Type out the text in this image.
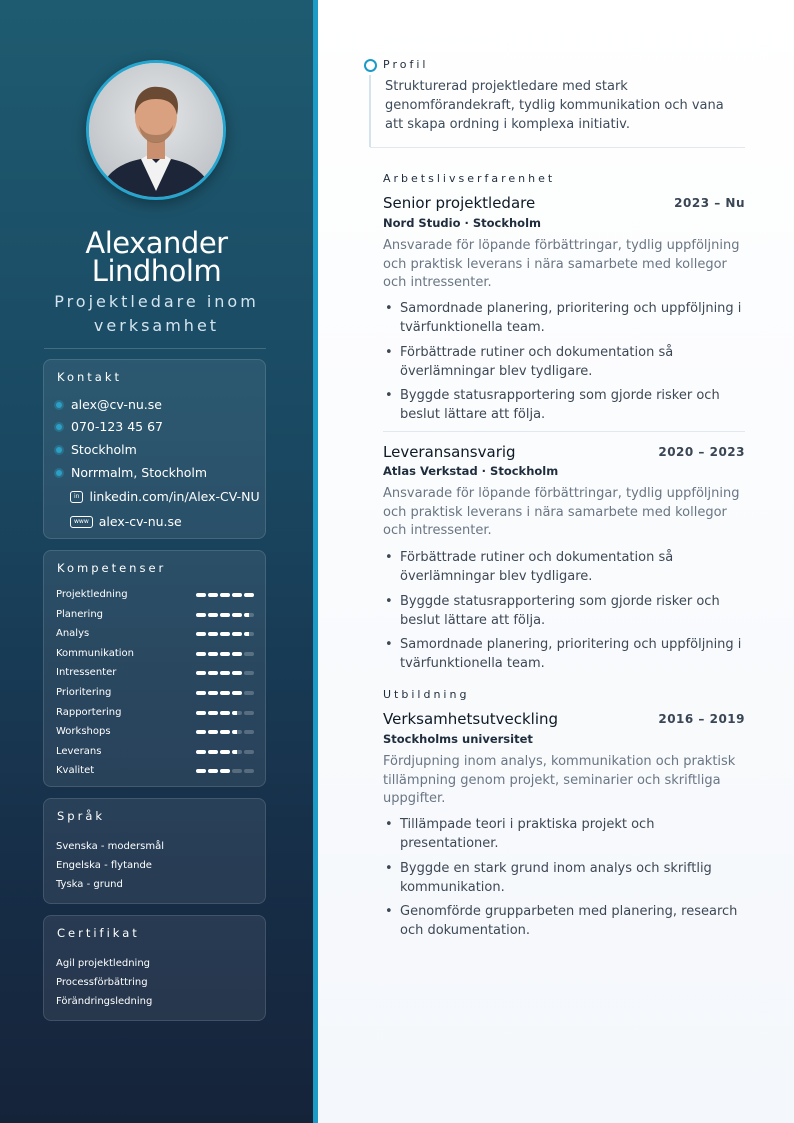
Alexander
Lindholm
Projektledare inom verksamhet
Kontakt
alex@cv-nu.se
070-123 45 67
Stockholm
Norrmalm, Stockholm
in linkedin.com/in/Alex-CV-NU
www alex-cv-nu.se
Kompetenser
Projektledning
Planering
Analys
Kommunikation
Intressenter
Prioritering
Rapportering
Workshops
Leverans
Kvalitet
Språk
Svenska - modersmål
Engelska - flytande
Tyska - grund
Certifikat
Agil projektledning
Processförbättring
Förändringsledning
Profil
Strukturerad projektledare med stark genomförandekraft, tydlig kommunikation och vana att skapa ordning i komplexa initiativ.
Arbetslivserfarenhet
Senior projektledare	2023 – Nu
Nord Studio · Stockholm
Ansvarade för löpande förbättringar, tydlig uppföljning och praktisk leverans i nära samarbete med kollegor och intressenter.
• Samordnade planering, prioritering och uppföljning i tvärfunktionella team.
• Förbättrade rutiner och dokumentation så överlämningar blev tydligare.
• Byggde statusrapportering som gjorde risker och beslut lättare att följa.
Leveransansvarig	2020 – 2023
Atlas Verkstad · Stockholm
Ansvarade för löpande förbättringar, tydlig uppföljning och praktisk leverans i nära samarbete med kollegor och intressenter.
• Förbättrade rutiner och dokumentation så överlämningar blev tydligare.
• Byggde statusrapportering som gjorde risker och beslut lättare att följa.
• Samordnade planering, prioritering och uppföljning i tvärfunktionella team.
Utbildning
Verksamhetsutveckling	2016 – 2019
Stockholms universitet
Fördjupning inom analys, kommunikation och praktisk tillämpning genom projekt, seminarier och skriftliga uppgifter.
• Tillämpade teori i praktiska projekt och presentationer.
• Byggde en stark grund inom analys och skriftlig kommunikation.
• Genomförde grupparbeten med planering, research och dokumentation.
